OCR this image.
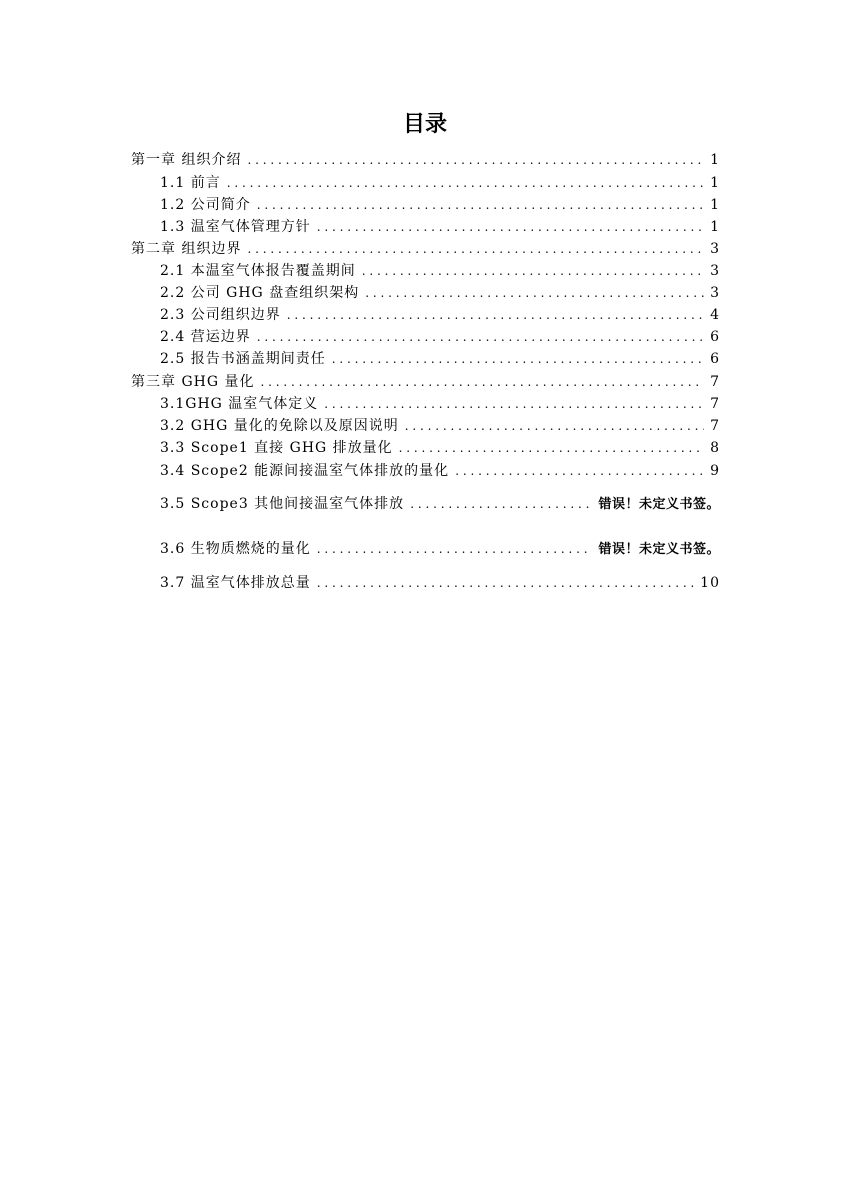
目录
第一章 组织介绍 . . .	1
1.1 前言 . . .	1
1.2 公司简介 . . .	1
1.3 温室气体管理方针 . . .	1
第二章 组织边界 . . .	3
2.1 本温室气体报告覆盖期间 . . .	3
2.2 公司 GHG 盘查组织架构 . . .	3
2.3 公司组织边界 . . .	4
2.4 营运边界 . . .	6
2.5 报告书涵盖期间责任 . . .	6
第三章 GHG 量化 . . .	7
3.1GHG 温室气体定义 . . .	7
3.2 GHG 量化的免除以及原因说明 . . .	7
3.3 Scope1 直接 GHG 排放量化 . . .	8
3.4 Scope2 能源间接温室气体排放的量化 . . .	9
3.5 Scope3 其他间接温室气体排放 . . .	错误！未定义书签。
3.6 生物质燃烧的量化 . . .	错误！未定义书签。
3.7 温室气体排放总量 . . .	10
